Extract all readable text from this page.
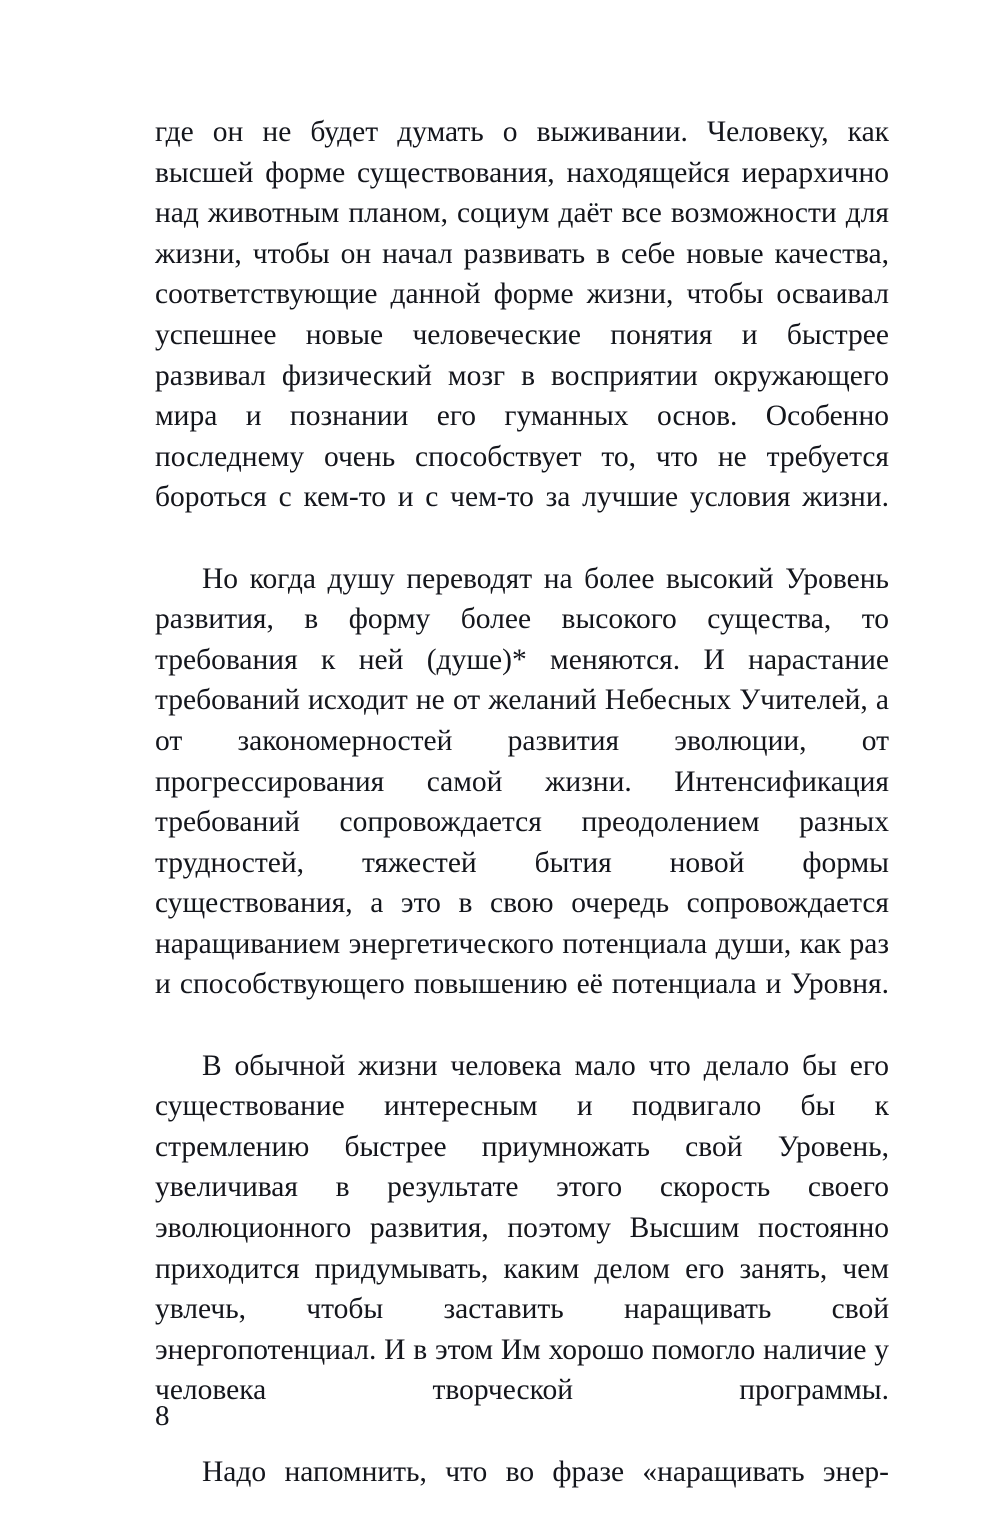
где он не будет думать о выживании. Человеку, как высшей форме существования, находящейся иерархично над животным планом, социум даёт все возможности для жизни, чтобы он начал развивать в себе новые качества, соответствующие данной форме жизни, чтобы осваивал успешнее новые человеческие понятия и быстрее развивал физический мозг в восприятии окружающего мира и познании его гуманных основ. Особенно последнему очень способствует то, что не требуется бороться с кем-то и с чем-то за лучшие условия жизни.

Но когда душу переводят на более высокий Уровень развития, в форму более высокого существа, то требования к ней (душе)* меняются. И нарастание требований исходит не от желаний Небесных Учителей, а от закономерностей развития эволюции, от прогрессирования самой жизни. Интенсификация требований сопровождается преодолением разных трудностей, тяжестей бытия новой формы существования, а это в свою очередь сопровождается наращиванием энергетического потенциала души, как раз и способствующего повышению её потенциала и Уровня.

В обычной жизни человека мало что делало бы его существование интересным и подвигало бы к стремлению быстрее приумножать свой Уровень, увеличивая в результате этого скорость своего эволюционного развития, поэтому Высшим постоянно приходится придумывать, каким делом его занять, чем увлечь, чтобы заставить наращивать свой энергопотенциал. И в этом Им хорошо помогло наличие у человека творческой программы.

Надо напомнить, что во фразе «наращивать энер-

8
